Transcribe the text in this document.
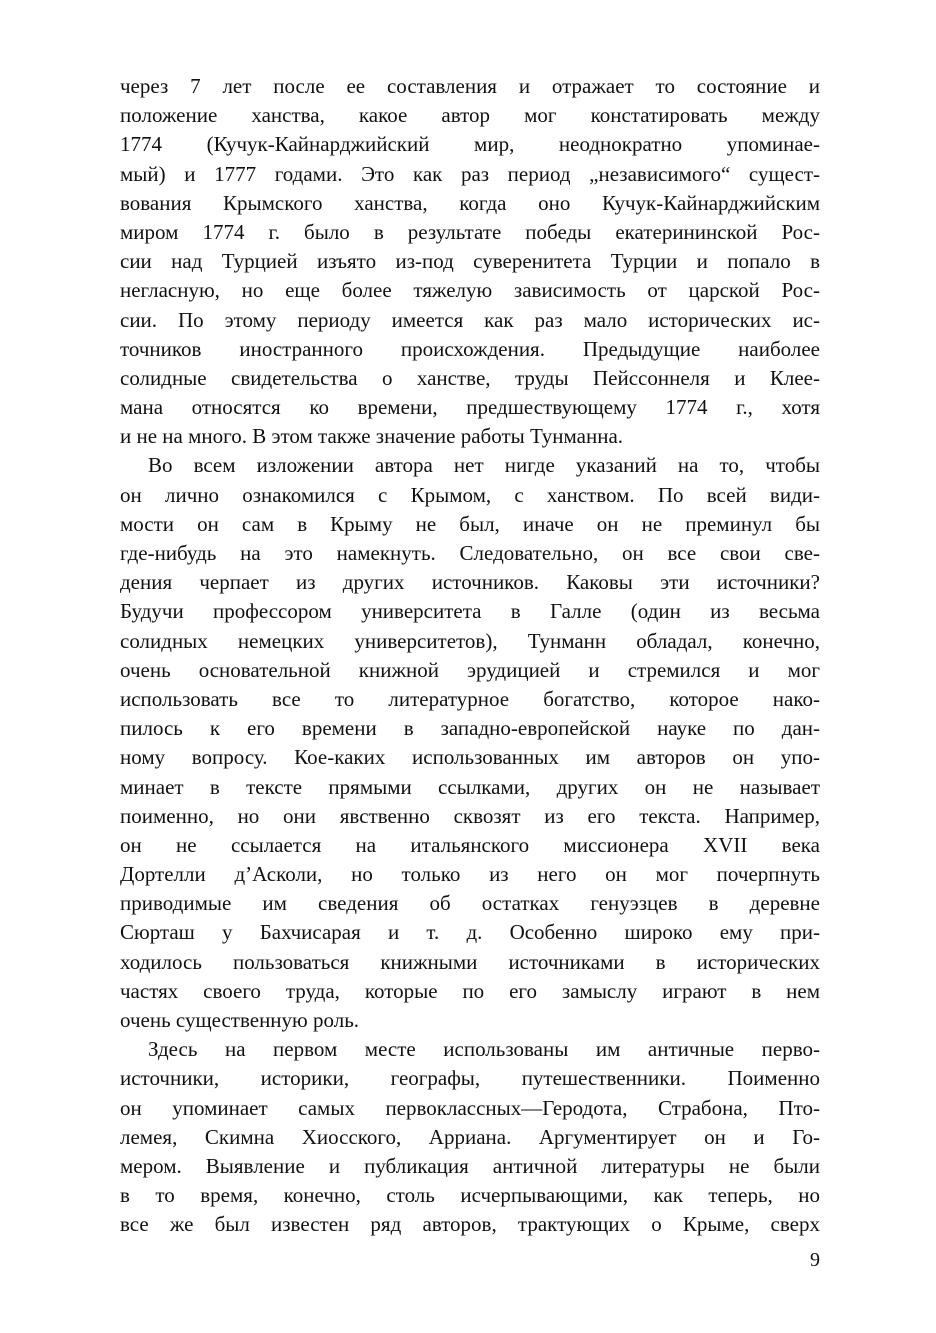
через 7 лет после ее составления и отражает то состояние и
положение ханства, какое автор мог констатировать между
1774 (Кучук-Кайнарджийский мир, неоднократно упоминае-
мый) и 1777 годами. Это как раз период „независимого“ сущест-
вования Крымского ханства, когда оно Кучук-Кайнарджийским
миром 1774 г. было в результате победы екатерининской Рос-
сии над Турцией изъято из-под суверенитета Турции и попало в
негласную, но еще более тяжелую зависимость от царской Рос-
сии. По этому периоду имеется как раз мало исторических ис-
точников иностранного происхождения. Предыдущие наиболее
солидные свидетельства о ханстве, труды Пейссоннеля и Клее-
мана относятся ко времени, предшествующему 1774 г., хотя
и не на много. В этом также значение работы Тунманна.
Во всем изложении автора нет нигде указаний на то, чтобы
он лично ознакомился с Крымом, с ханством. По всей види-
мости он сам в Крыму не был, иначе он не преминул бы
где-нибудь на это намекнуть. Следовательно, он все свои све-
дения черпает из других источников. Каковы эти источники?
Будучи профессором университета в Галле (один из весьма
солидных немецких университетов), Тунманн обладал, конечно,
очень основательной книжной эрудицией и стремился и мог
использовать все то литературное богатство, которое нако-
пилось к его времени в западно-европейской науке по дан-
ному вопросу. Кое-каких использованных им авторов он упо-
минает в тексте прямыми ссылками, других он не называет
поименно, но они явственно сквозят из его текста. Например,
он не ссылается на итальянского миссионера XVII века
Дортелли д’Асколи, но только из него он мог почерпнуть
приводимые им сведения об остатках генуэзцев в деревне
Сюрташ у Бахчисарая и т. д. Особенно широко ему при-
ходилось пользоваться книжными источниками в исторических
частях своего труда, которые по его замыслу играют в нем
очень существенную роль.
Здесь на первом месте использованы им античные перво-
источники, историки, географы, путешественники. Поименно
он упоминает самых первоклассных—Геродота, Страбона, Пто-
лемея, Скимна Хиосского, Арриана. Аргументирует он и Го-
мером. Выявление и публикация античной литературы не были
в то время, конечно, столь исчерпывающими, как теперь, но
все же был известен ряд авторов, трактующих о Крыме, сверх
9
